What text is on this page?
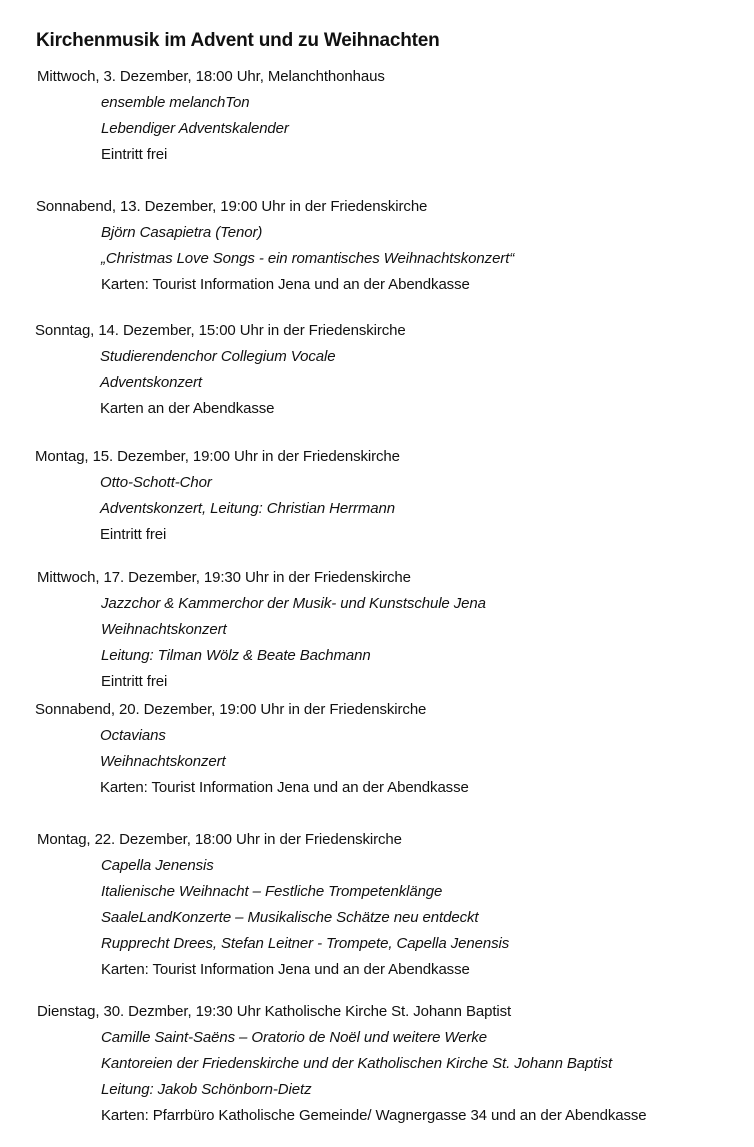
Kirchenmusik im Advent und zu Weihnachten
Mittwoch, 3. Dezember, 18:00 Uhr, Melanchthonhaus
ensemble melanchTon
Lebendiger Adventskalender
Eintritt frei
Sonnabend, 13. Dezember, 19:00 Uhr in der Friedenskirche
Björn Casapietra (Tenor)
„Christmas Love Songs - ein romantisches Weihnachtskonzert“
Karten: Tourist Information Jena und an der Abendkasse
Sonntag, 14. Dezember, 15:00 Uhr in der Friedenskirche
Studierendenchor Collegium Vocale
Adventskonzert
Karten an der Abendkasse
Montag, 15. Dezember, 19:00 Uhr in der Friedenskirche
Otto-Schott-Chor
Adventskonzert, Leitung: Christian Herrmann
Eintritt frei
Mittwoch, 17. Dezember, 19:30 Uhr in der Friedenskirche
Jazzchor & Kammerchor der Musik- und Kunstschule Jena
Weihnachtskonzert
Leitung: Tilman Wölz & Beate Bachmann
Eintritt frei
Sonnabend, 20. Dezember, 19:00 Uhr in der Friedenskirche
Octavians
Weihnachtskonzert
Karten: Tourist Information Jena und an der Abendkasse
Montag, 22. Dezember, 18:00 Uhr in der Friedenskirche
Capella Jenensis
Italienische Weihnacht – Festliche Trompetenklänge
SaaleLandKonzerte – Musikalische Schätze neu entdeckt
Rupprecht Drees, Stefan Leitner - Trompete, Capella Jenensis
Karten: Tourist Information Jena und an der Abendkasse
Dienstag, 30. Dezmber, 19:30 Uhr Katholische Kirche St. Johann Baptist
Camille Saint-Saëns – Oratorio de Noël und weitere Werke
Kantoreien der Friedenskirche und der Katholischen Kirche St. Johann Baptist
Leitung: Jakob Schönborn-Dietz
Karten: Pfarrbüro Katholische Gemeinde/ Wagnergasse 34 und an der Abendkasse
